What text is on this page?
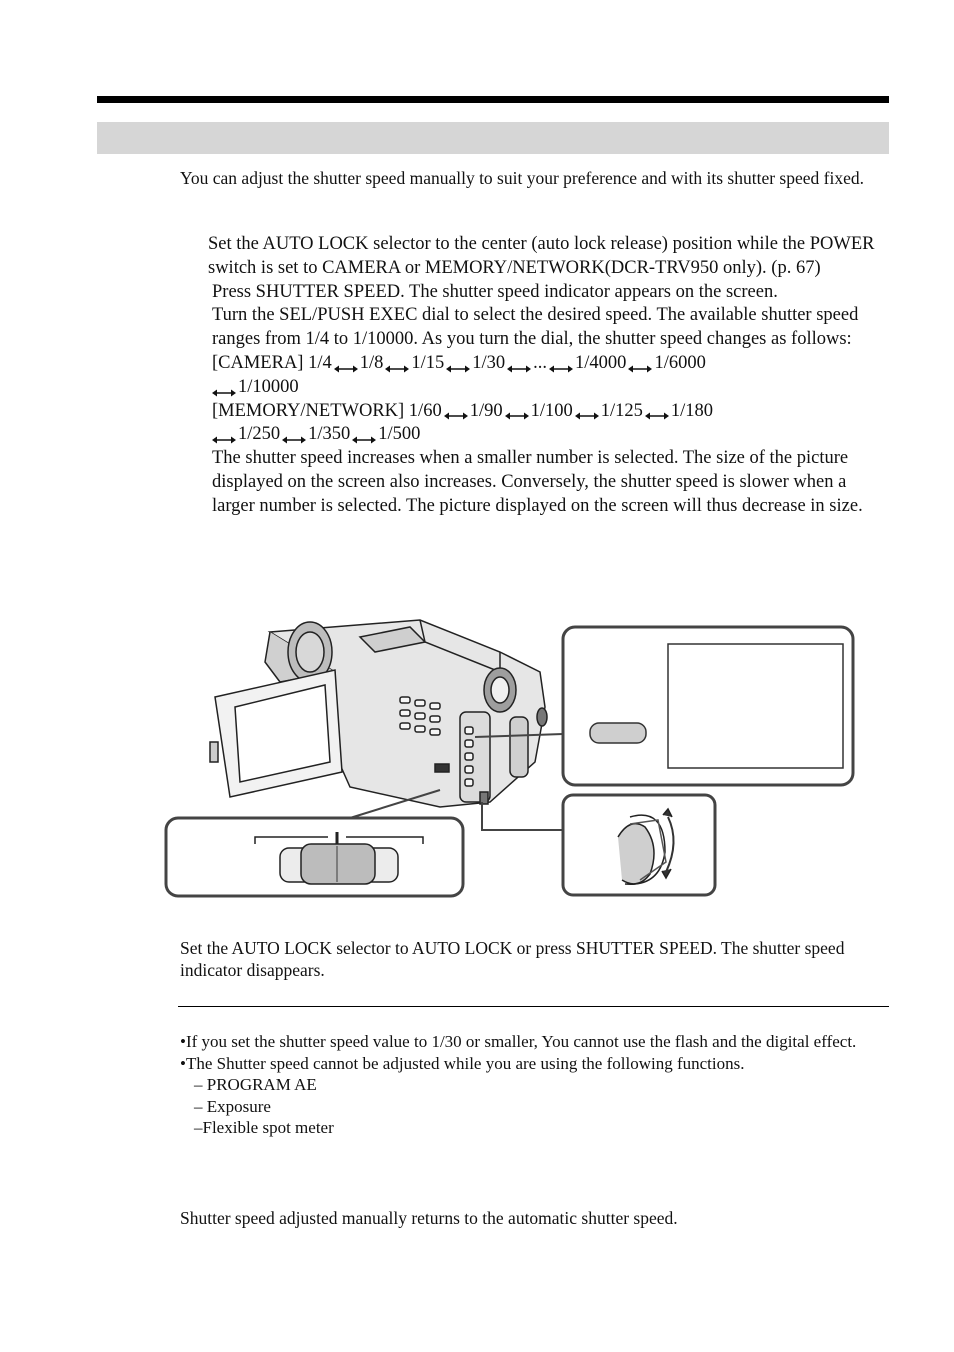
You can adjust the shutter speed manually to suit your preference and with its shutter speed fixed.

Set the AUTO LOCK selector to the center (auto lock release) position while the POWER switch is set to CAMERA or MEMORY/NETWORK(DCR-TRV950 only). (p. 67)

Press SHUTTER SPEED. The shutter speed indicator appears on the screen.

Turn the SEL/PUSH EXEC dial to select the desired speed. The available shutter speed ranges from 1/4 to 1/10000. As you turn the dial, the shutter speed changes as follows:

[CAMERA] 1/4 1/8 1/15 1/30 ... 1/4000 1/6000
1/10000

[MEMORY/NETWORK] 1/60 1/90 1/100 1/125 1/180
1/250 1/350 1/500

The shutter speed increases when a smaller number is selected. The size of the picture displayed on the screen also increases. Conversely, the shutter speed is slower when a larger number is selected. The picture displayed on the screen will thus decrease in size.

Set the AUTO LOCK selector to AUTO LOCK or press SHUTTER SPEED. The shutter speed indicator disappears.

•If you set the shutter speed value to 1/30 or smaller, You cannot use the flash and the digital effect.

•The Shutter speed cannot be adjusted while you are using the following functions.

– PROGRAM AE

– Exposure

–Flexible spot meter

Shutter speed adjusted manually returns to the automatic shutter speed.
